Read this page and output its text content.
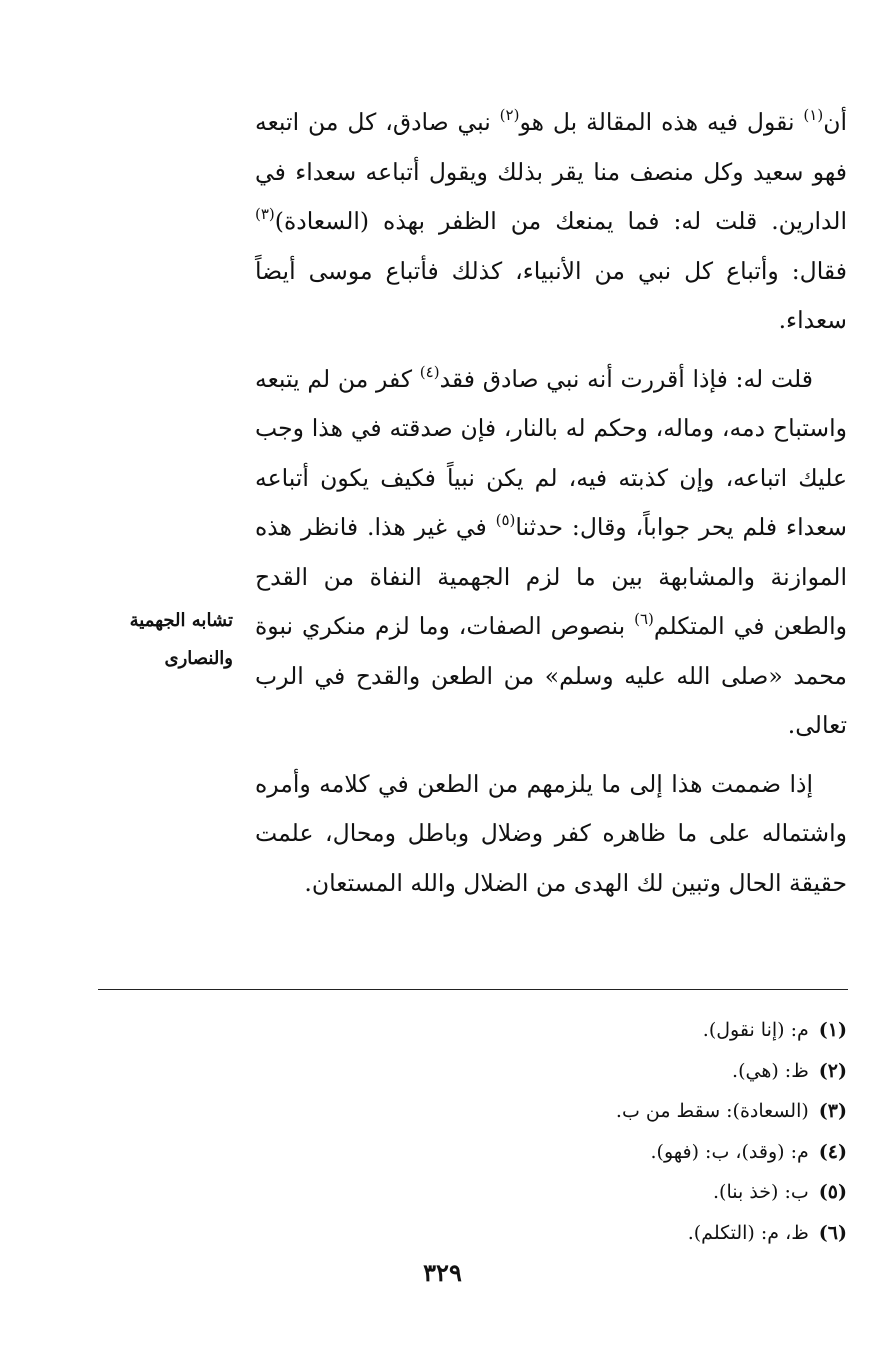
أن$^{(١)}$ نقول فيه هذه المقالة بل هو$^{(٢)}$ نبي صادق، كل من اتبعه فهو سعيد وكل منصف منا يقر بذلك ويقول أتباعه سعداء في الدارين. قلت له: فما يمنعك من الظفر بهذه (السعادة)$^{(٣)}$ فقال: وأتباع كل نبي من الأنبياء، كذلك فأتباع موسى أيضاً سعداء.

قلت له: فإذا أقررت أنه نبي صادق فقد$^{(٤)}$ كفر من لم يتبعه واستباح دمه، وماله، وحكم له بالنار، فإن صدقته في هذا وجب عليك اتباعه، وإن كذبته فيه، لم يكن نبياً فكيف يكون أتباعه سعداء فلم يحر جواباً، وقال: حدثنا$^{(٥)}$ في غير هذا. فانظر هذه الموازنة والمشابهة بين ما لزم الجهمية النفاة من القدح والطعن في المتكلم$^{(٦)}$ بنصوص الصفات، وما لزم منكري نبوة محمد «صلى الله عليه وسلم» من الطعن والقدح في الرب تعالى.

إذا ضممت هذا إلى ما يلزمهم من الطعن في كلامه وأمره واشتماله على ما ظاهره كفر وضلال وباطل ومحال، علمت حقيقة الحال وتبين لك الهدى من الضلال والله المستعان.

تشابه الجهمية والنصارى
(١)م: (إنا نقول).
(٢)ظ: (هي).
(٣)(السعادة): سقط من ب.
(٤)م: (وقد)، ب: (فهو).
(٥)ب: (خذ بنا).
(٦)ظ، م: (التكلم).
٣٢٩
